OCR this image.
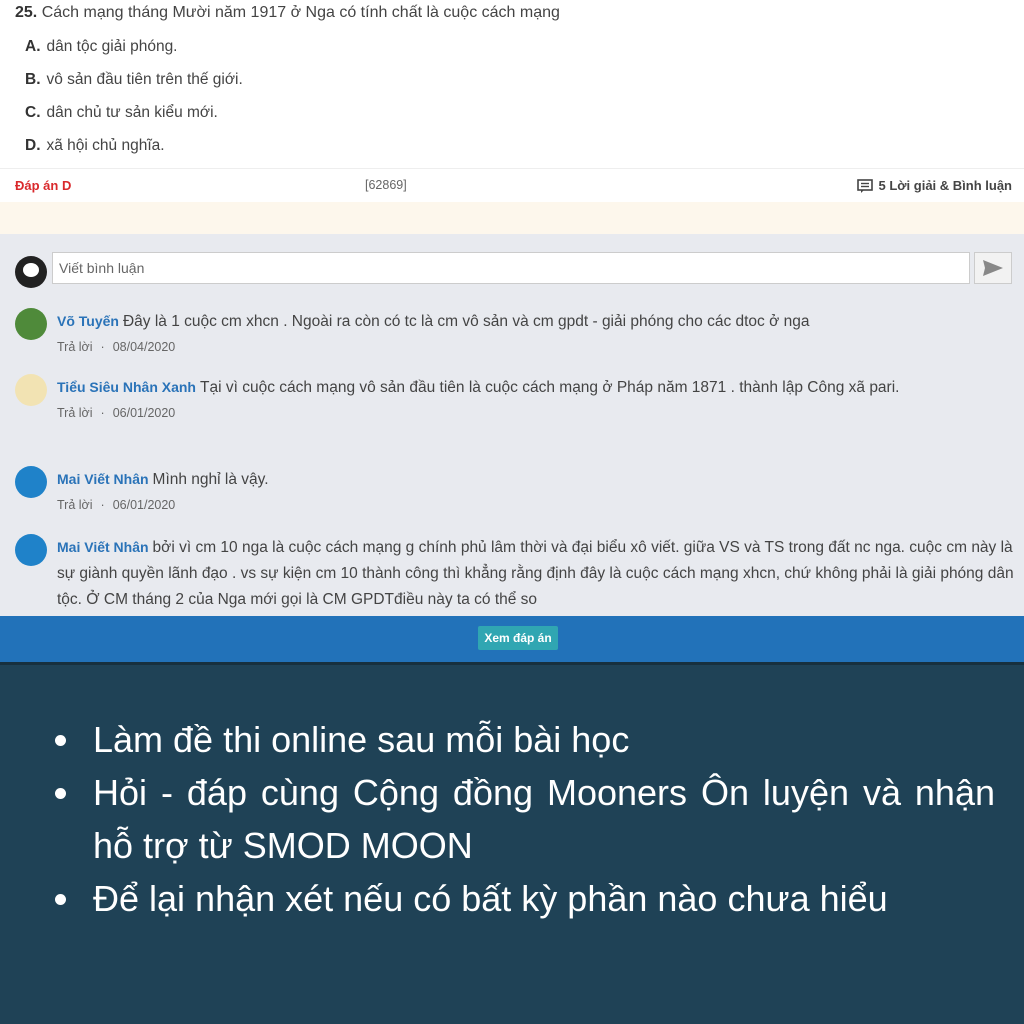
25. Cách mạng tháng Mười năm 1917 ở Nga có tính chất là cuộc cách mạng
A. dân tộc giải phóng.
B. vô sản đầu tiên trên thế giới.
C. dân chủ tư sản kiểu mới.
D. xã hội chủ nghĩa.
Đáp án D	[62869]	5 Lời giải & Bình luận
Viết bình luận
Võ Tuyến Đây là 1 cuộc cm xhcn . Ngoài ra còn có tc là cm vô sản và cm gpdt - giải phóng cho các dtoc ở nga
Trả lời · 08/04/2020
Tiểu Siêu Nhân Xanh Tại vì cuộc cách mạng vô sản đầu tiên là cuộc cách mạng ở Pháp năm 1871 . thành lập Công xã pari.
Trả lời · 06/01/2020
Mai Viết Nhân Mình nghỉ là vậy.
Trả lời · 06/01/2020
Mai Viết Nhân bởi vì cm 10 nga là cuộc cách mạng g chính phủ lâm thời và đại biểu xô viết. giữa VS và TS trong đất nc nga. cuộc cm này là sự giành quyền lãnh đạo . vs sự kiện cm 10 thành công thì khẳng rằng định đây là cuộc cách mạng xhcn, chứ không phải là giải phóng dân tộc. Ở CM tháng 2 của Nga mới gọi là CM GPDTđiều này ta có thể so
Xem đáp án
Làm đề thi online sau mỗi bài học
Hỏi - đáp cùng Cộng đồng Mooners Ôn luyện và nhận hỗ trợ từ SMOD MOON
Để lại nhận xét nếu có bất kỳ phần nào chưa hiểu
